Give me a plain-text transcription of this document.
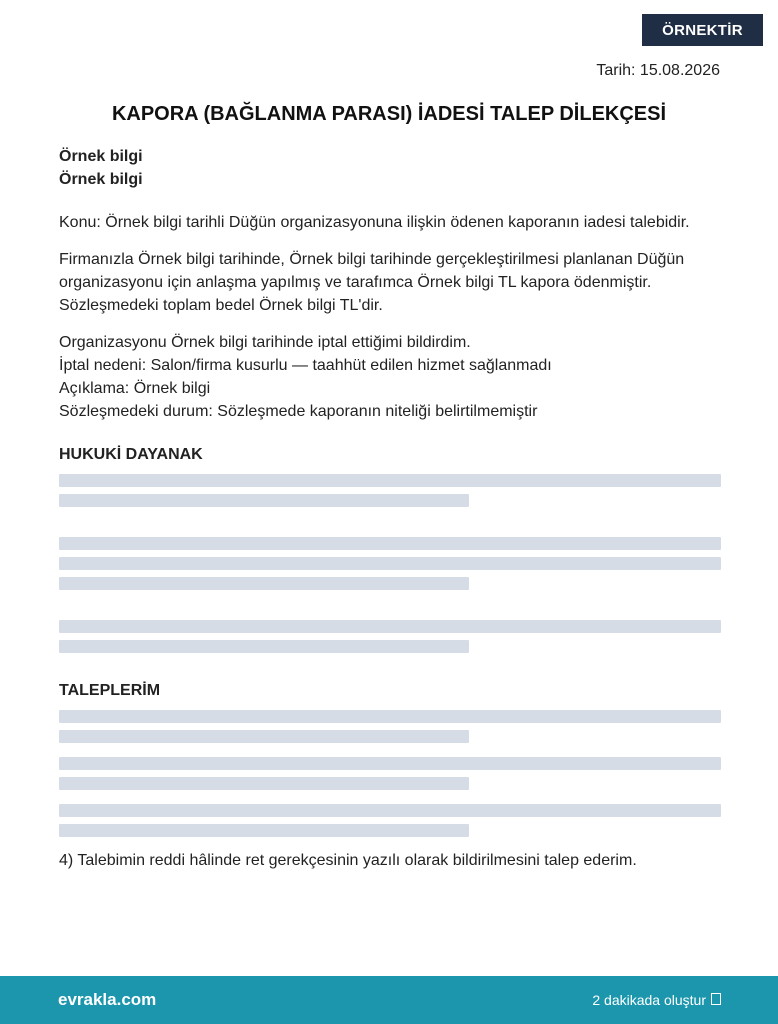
ÖRNEKTİR
Tarih: 15.08.2026
KAPORA (BAĞLANMA PARASI) İADESİ TALEP DİLEKÇESİ

Örnek bilgi

Örnek bilgi

Konu: Örnek bilgi tarihli Düğün organizasyonuna ilişkin ödenen kaporanın iadesi talebidir.

Firmanızla Örnek bilgi tarihinde, Örnek bilgi tarihinde gerçekleştirilmesi planlanan Düğün organizasyonu için anlaşma yapılmış ve tarafımca Örnek bilgi TL kapora ödenmiştir. Sözleşmedeki toplam bedel Örnek bilgi TL'dir.

Organizasyonu Örnek bilgi tarihinde iptal ettiğimi bildirdim.

İptal nedeni: Salon/firma kusurlu — taahhüt edilen hizmet sağlanmadı

Açıklama: Örnek bilgi

Sözleşmedeki durum: Sözleşmede kaporanın niteliği belirtilmemiştir

HUKUKİ DAYANAK
TALEPLERİM

4) Talebimin reddi hâlinde ret gerekçesinin yazılı olarak bildirilmesini talep ederim.

evrakla.com	2 dakikada oluştur
